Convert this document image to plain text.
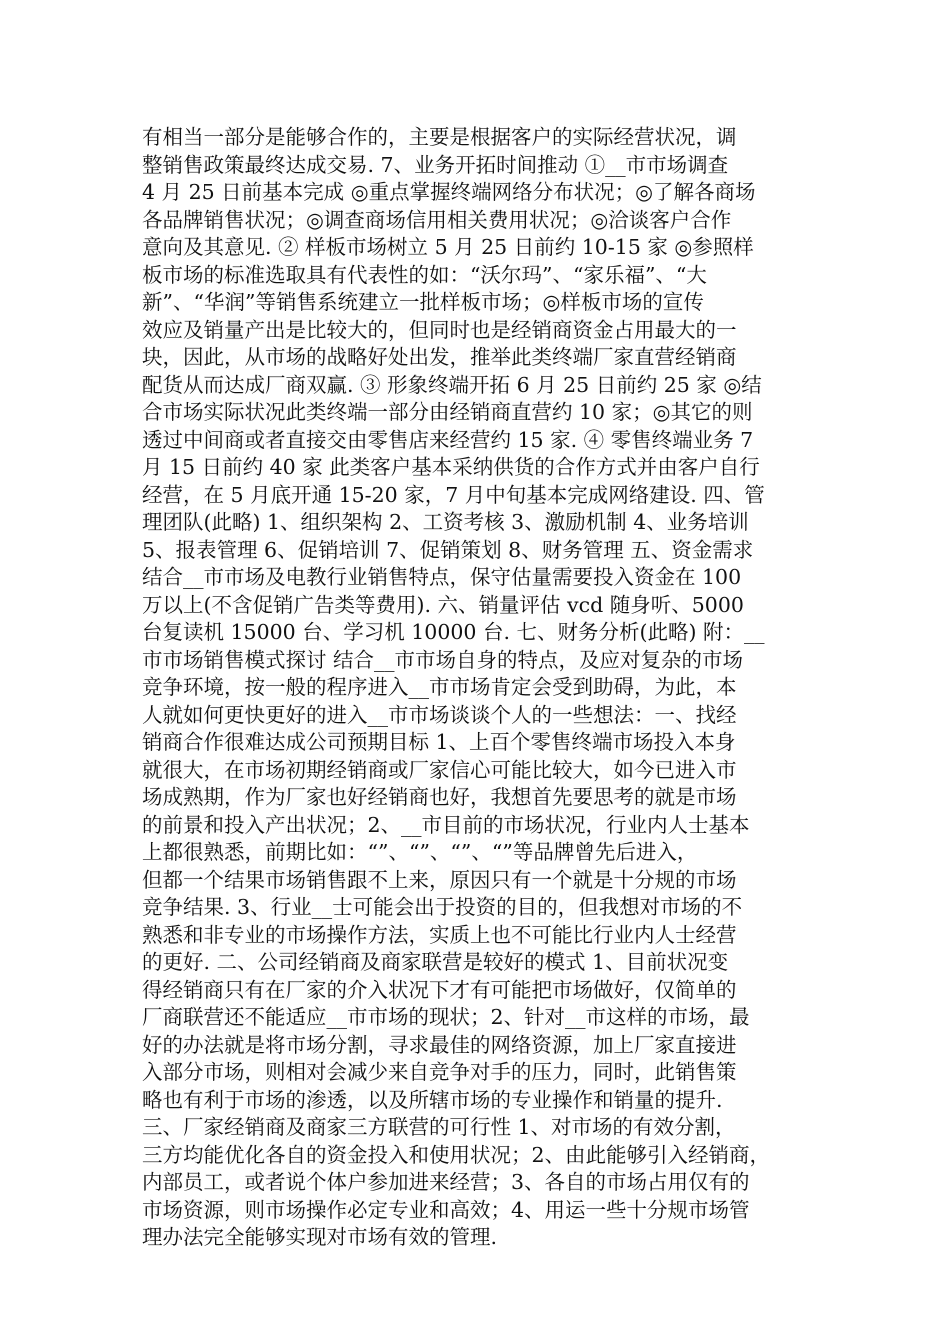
有相当一部分是能够合作的，主要是根据客户的实际经营状况，调
整销售政策最终达成交易. 7、业务开拓时间推动 ①__市市场调查
4 月 25 日前基本完成 ◎重点掌握终端网络分布状况；◎了解各商场
各品牌销售状况；◎调查商场信用相关费用状况；◎洽谈客户合作
意向及其意见. ② 样板市场树立 5 月 25 日前约 10-15 家 ◎参照样
板市场的标准选取具有代表性的如：“沃尔玛”、“家乐福”、“大
新”、“华润”等销售系统建立一批样板市场；◎样板市场的宣传
效应及销量产出是比较大的，但同时也是经销商资金占用最大的一
块，因此，从市场的战略好处出发，推举此类终端厂家直营经销商
配货从而达成厂商双赢. ③ 形象终端开拓 6 月 25 日前约 25 家 ◎结
合市场实际状况此类终端一部分由经销商直营约 10 家；◎其它的则
透过中间商或者直接交由零售店来经营约 15 家. ④ 零售终端业务 7
月 15 日前约 40 家 此类客户基本采纳供货的合作方式并由客户自行
经营，在 5 月底开通 15-20 家，7 月中旬基本完成网络建设. 四、管
理团队(此略) 1、组织架构 2、工资考核 3、激励机制 4、业务培训
5、报表管理 6、促销培训 7、促销策划 8、财务管理 五、资金需求
结合__市市场及电教行业销售特点，保守估量需要投入资金在 100
万以上(不含促销广告类等费用). 六、销量评估 vcd 随身听、5000
台复读机 15000 台、学习机 10000 台. 七、财务分析(此略) 附：__
市市场销售模式探讨 结合__市市场自身的特点，及应对复杂的市场
竞争环境，按一般的程序进入__市市场肯定会受到助碍，为此，本
人就如何更快更好的进入__市市场谈谈个人的一些想法：一、找经
销商合作很难达成公司预期目标 1、上百个零售终端市场投入本身
就很大，在市场初期经销商或厂家信心可能比较大，如今已进入市
场成熟期，作为厂家也好经销商也好，我想首先要思考的就是市场
的前景和投入产出状况；2、__市目前的市场状况，行业内人士基本
上都很熟悉，前期比如：“”、“”、“”、“”等品牌曾先后进入，
但都一个结果市场销售跟不上来，原因只有一个就是十分规的市场
竞争结果. 3、行业__士可能会出于投资的目的，但我想对市场的不
熟悉和非专业的市场操作方法，实质上也不可能比行业内人士经营
的更好. 二、公司经销商及商家联营是较好的模式 1、目前状况变
得经销商只有在厂家的介入状况下才有可能把市场做好，仅简单的
厂商联营还不能适应__市市场的现状；2、针对__市这样的市场，最
好的办法就是将市场分割，寻求最佳的网络资源，加上厂家直接进
入部分市场，则相对会减少来自竞争对手的压力，同时，此销售策
略也有利于市场的渗透，以及所辖市场的专业操作和销量的提升.
三、厂家经销商及商家三方联营的可行性 1、对市场的有效分割，
三方均能优化各自的资金投入和使用状况；2、由此能够引入经销商，
内部员工，或者说个体户参加进来经营；3、各自的市场占用仅有的
市场资源，则市场操作必定专业和高效；4、用运一些十分规市场管
理办法完全能够实现对市场有效的管理.
